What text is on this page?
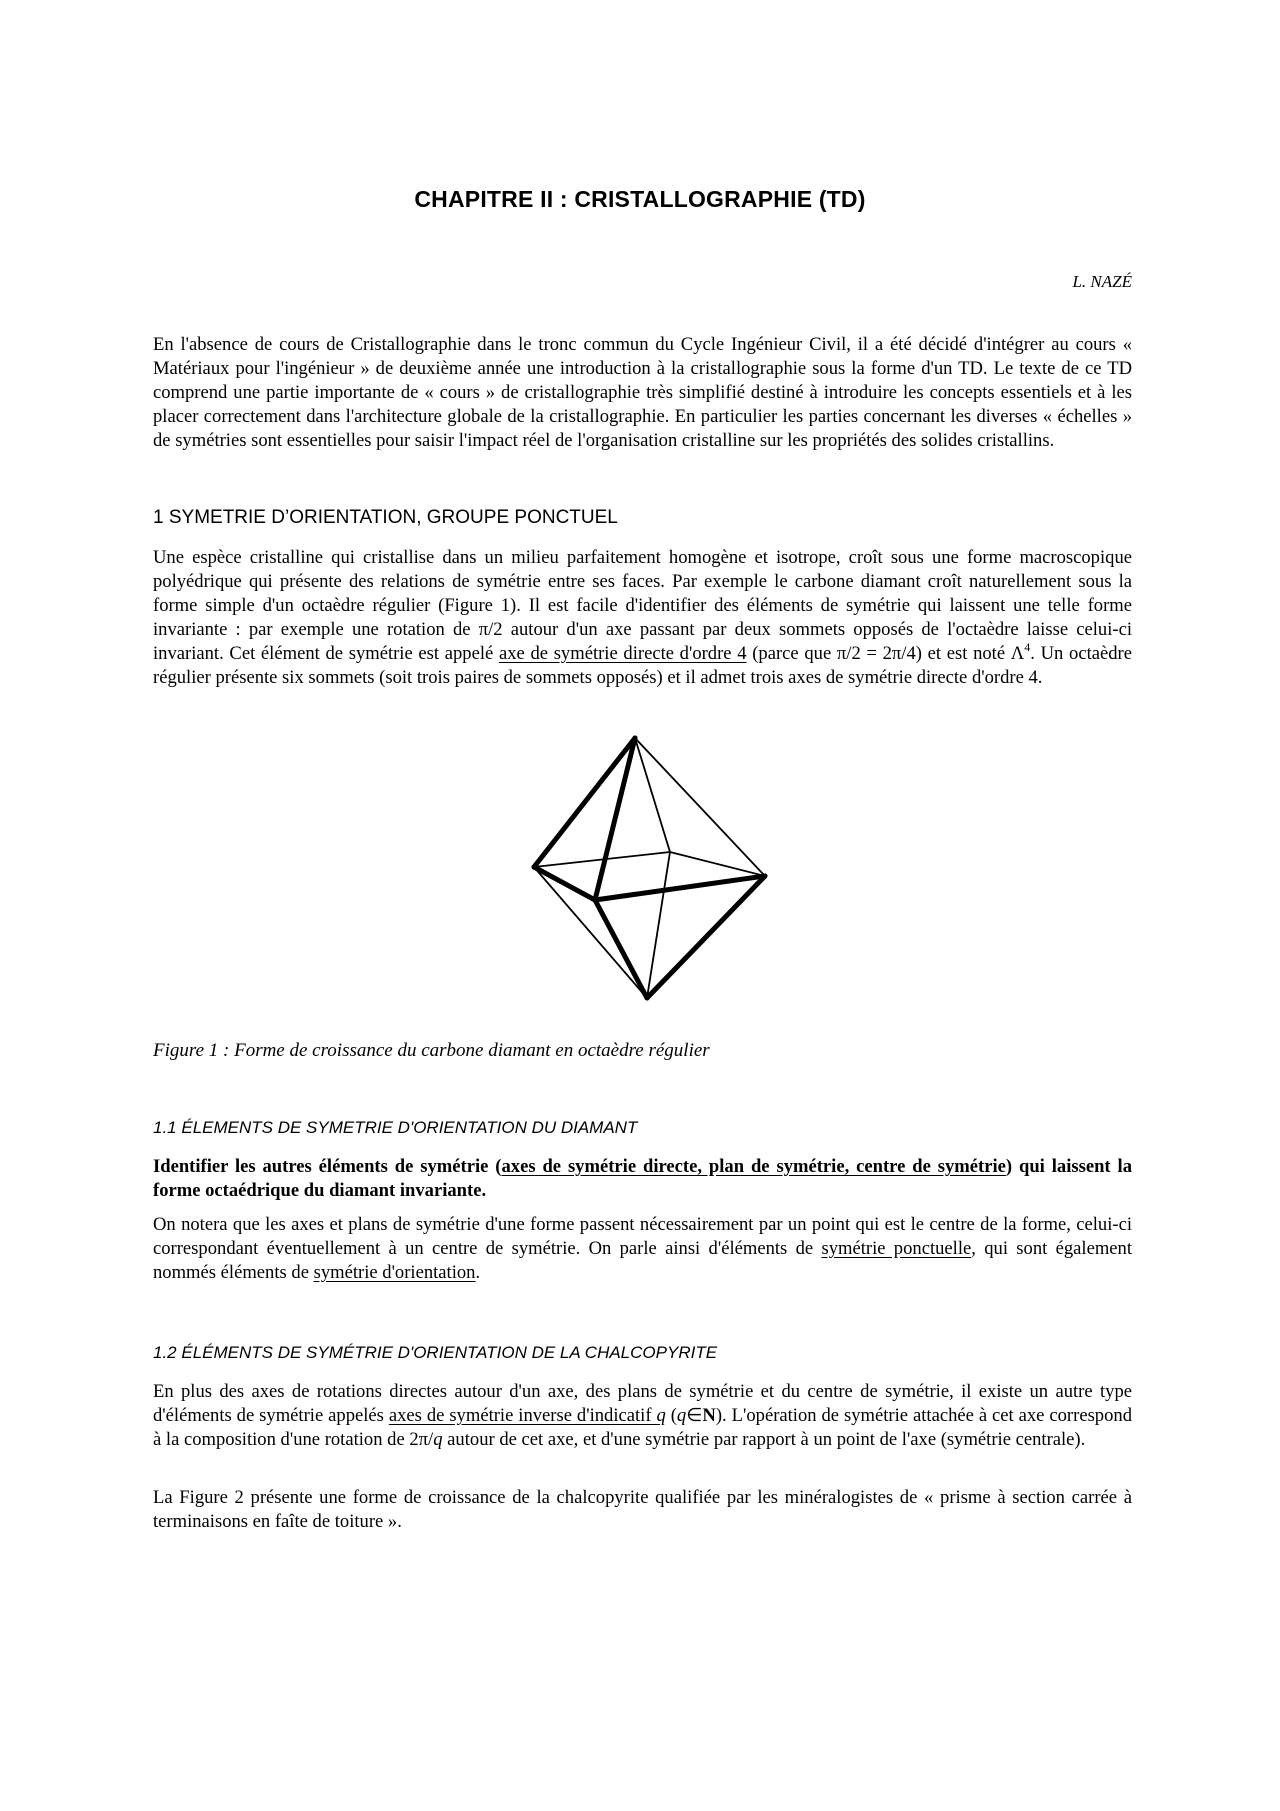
CHAPITRE II : CRISTALLOGRAPHIE (TD)
L. NAZÉ

En l'absence de cours de Cristallographie dans le tronc commun du Cycle Ingénieur Civil, il a été décidé d'intégrer au cours « Matériaux pour l'ingénieur » de deuxième année une introduction à la cristallographie sous la forme d'un TD. Le texte de ce TD comprend une partie importante de « cours » de cristallographie très simplifié destiné à introduire les concepts essentiels et à les placer correctement dans l'architecture globale de la cristallographie. En particulier les parties concernant les diverses « échelles » de symétries sont essentielles pour saisir l'impact réel de l'organisation cristalline sur les propriétés des solides cristallins.

1 SYMETRIE D’ORIENTATION, GROUPE PONCTUEL

Une espèce cristalline qui cristallise dans un milieu parfaitement homogène et isotrope, croît sous une forme macroscopique polyédrique qui présente des relations de symétrie entre ses faces. Par exemple le carbone diamant croît naturellement sous la forme simple d'un octaèdre régulier (Figure 1). Il est facile d'identifier des éléments de symétrie qui laissent une telle forme invariante : par exemple une rotation de π/2 autour d'un axe passant par deux sommets opposés de l'octaèdre laisse celui-ci invariant. Cet élément de symétrie est appelé axe de symétrie directe d'ordre 4 (parce que π/2 = 2π/4) et est noté $\Lambda^4$. Un octaèdre régulier présente six sommets (soit trois paires de sommets opposés) et il admet trois axes de symétrie directe d'ordre 4.

Figure 1 : Forme de croissance du carbone diamant en octaèdre régulier
1.1 ÉLEMENTS DE SYMETRIE D'ORIENTATION DU DIAMANT

Identifier les autres éléments de symétrie (axes de symétrie directe, plan de symétrie, centre de symétrie) qui laissent la forme octaédrique du diamant invariante.

On notera que les axes et plans de symétrie d'une forme passent nécessairement par un point qui est le centre de la forme, celui-ci correspondant éventuellement à un centre de symétrie. On parle ainsi d'éléments de symétrie ponctuelle, qui sont également nommés éléments de symétrie d'orientation.

1.2 ÉLÉMENTS DE SYMÉTRIE D'ORIENTATION DE LA CHALCOPYRITE

En plus des axes de rotations directes autour d'un axe, des plans de symétrie et du centre de symétrie, il existe un autre type d'éléments de symétrie appelés axes de symétrie inverse d'indicatif q (q∈N). L'opération de symétrie attachée à cet axe correspond à la composition d'une rotation de 2π/q autour de cet axe, et d'une symétrie par rapport à un point de l'axe (symétrie centrale).

La Figure 2 présente une forme de croissance de la chalcopyrite qualifiée par les minéralogistes de « prisme à section carrée à terminaisons en faîte de toiture ».
